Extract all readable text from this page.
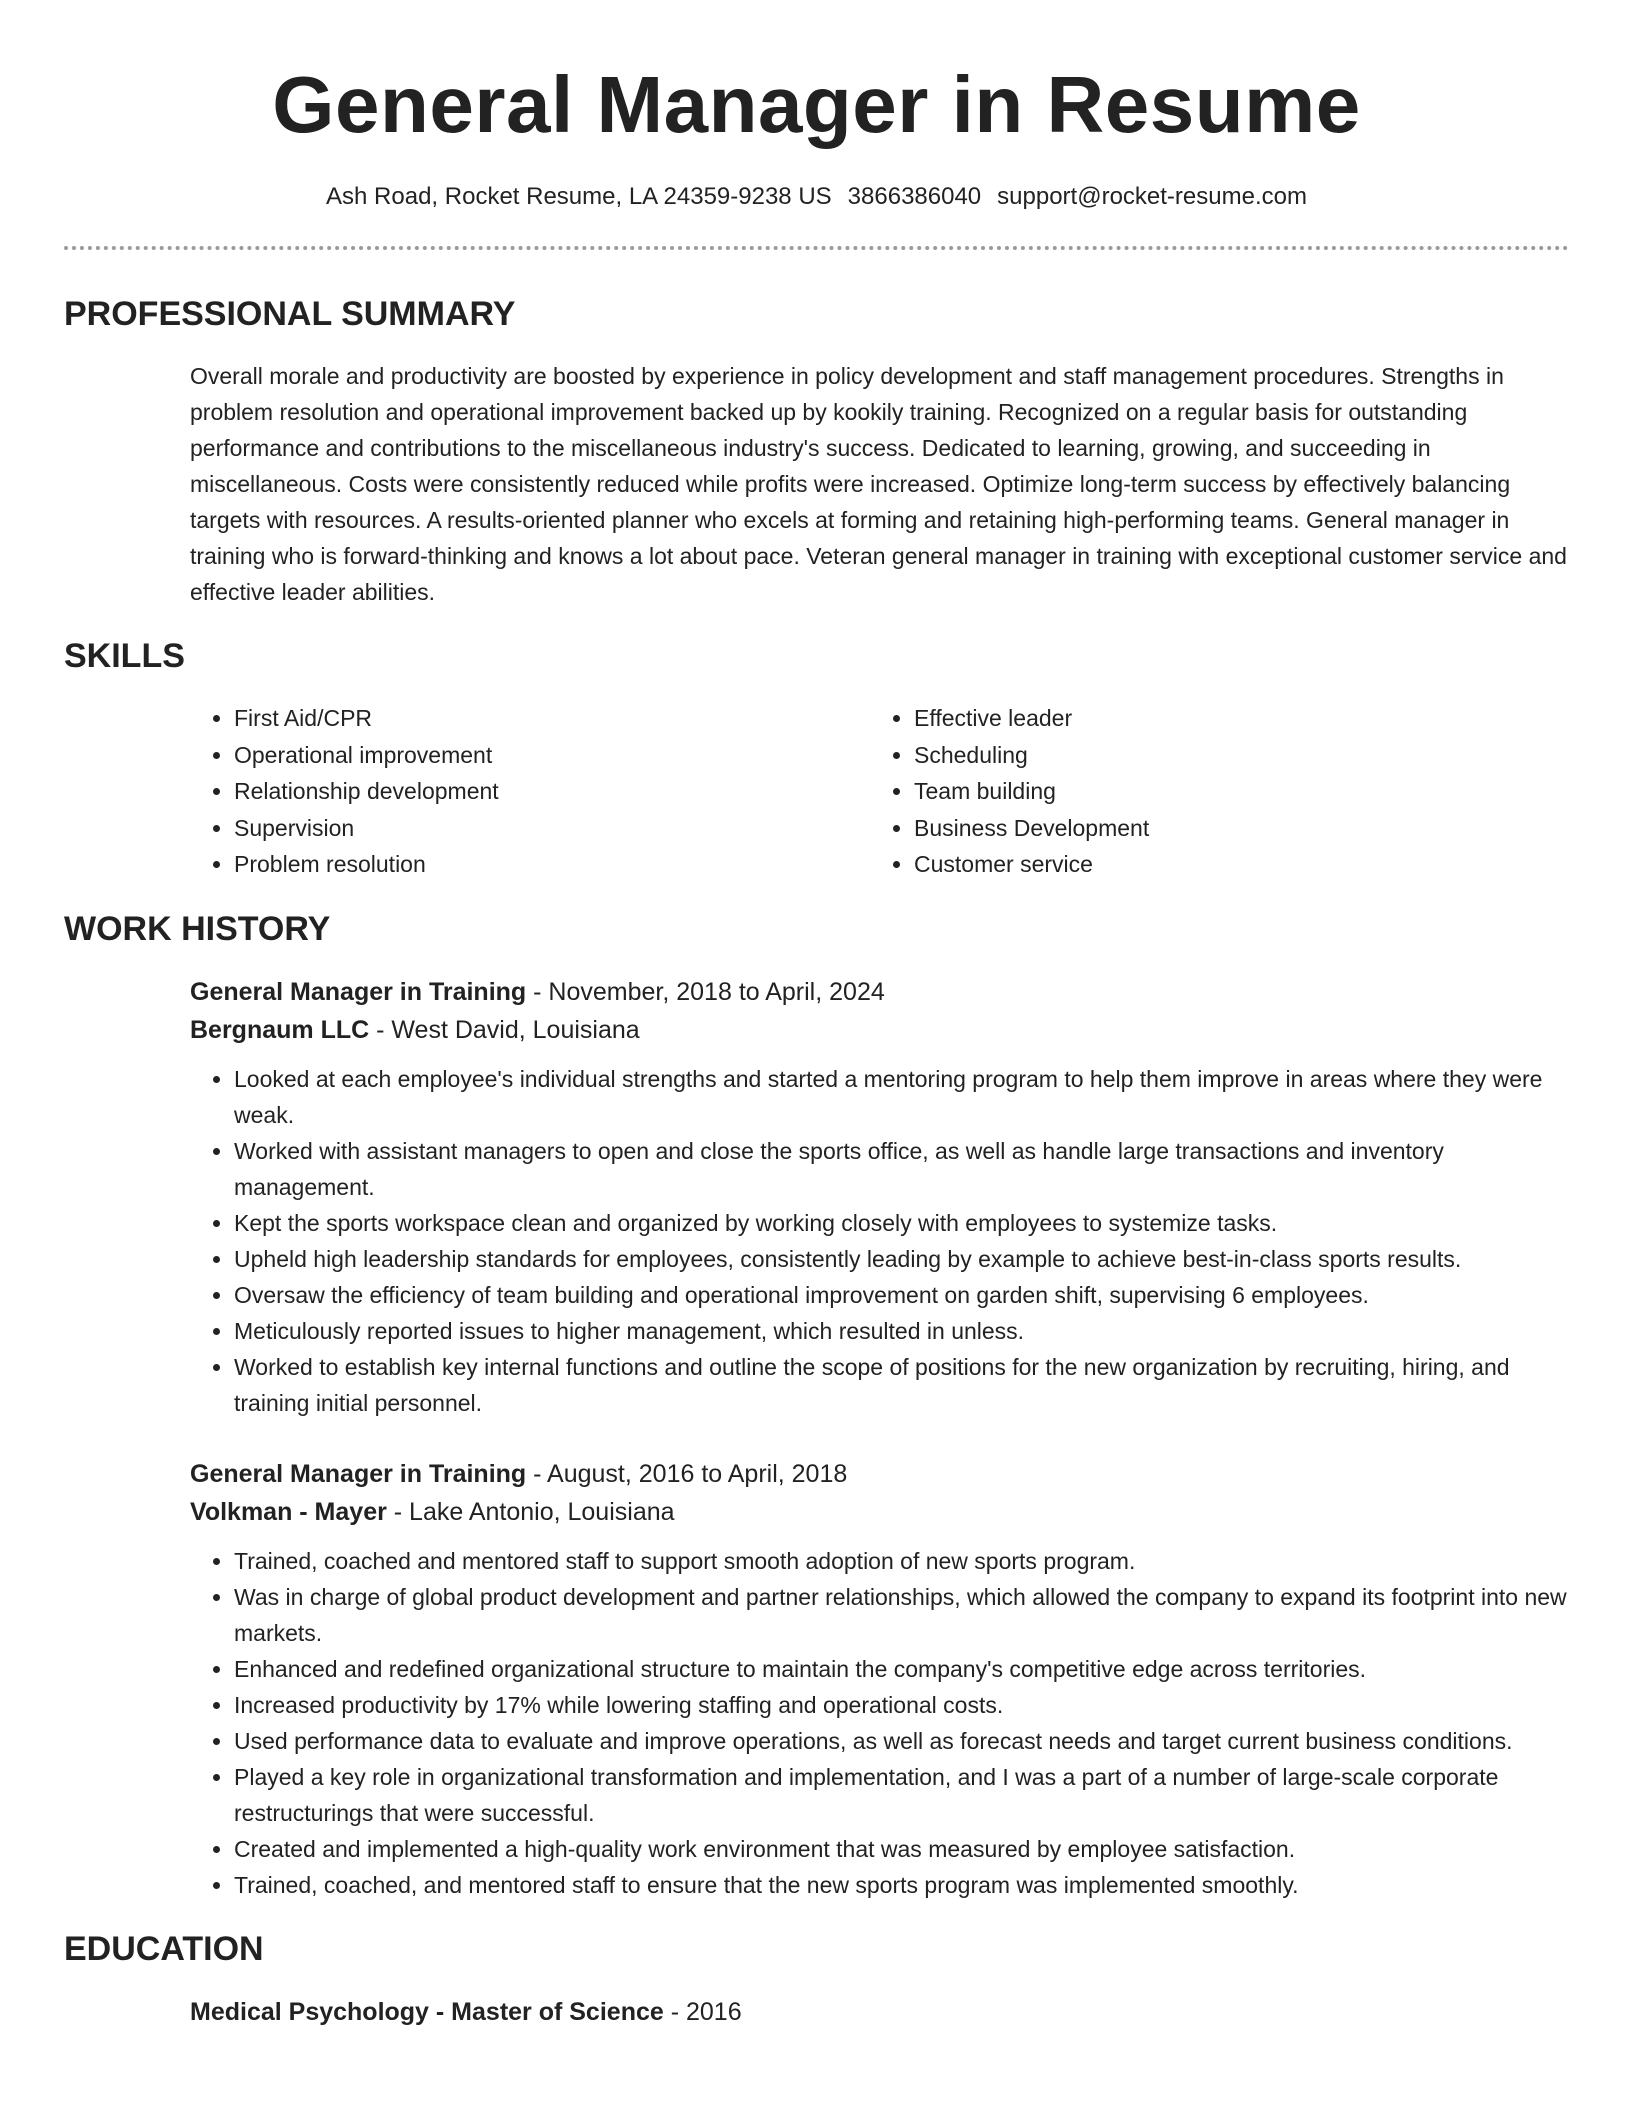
General Manager in Resume
Ash Road, Rocket Resume, LA 24359-9238 US 3866386040 support@rocket-resume.com
PROFESSIONAL SUMMARY
Overall morale and productivity are boosted by experience in policy development and staff management procedures. Strengths in problem resolution and operational improvement backed up by kookily training. Recognized on a regular basis for outstanding performance and contributions to the miscellaneous industry's success. Dedicated to learning, growing, and succeeding in miscellaneous. Costs were consistently reduced while profits were increased. Optimize long-term success by effectively balancing targets with resources. A results-oriented planner who excels at forming and retaining high-performing teams. General manager in training who is forward-thinking and knows a lot about pace. Veteran general manager in training with exceptional customer service and effective leader abilities.
SKILLS
• First Aid/CPR
• Operational improvement
• Relationship development
• Supervision
• Problem resolution
• Effective leader
• Scheduling
• Team building
• Business Development
• Customer service
WORK HISTORY
General Manager in Training - November, 2018 to April, 2024
Bergnaum LLC - West David, Louisiana
• Looked at each employee's individual strengths and started a mentoring program to help them improve in areas where they were weak.
• Worked with assistant managers to open and close the sports office, as well as handle large transactions and inventory management.
• Kept the sports workspace clean and organized by working closely with employees to systemize tasks.
• Upheld high leadership standards for employees, consistently leading by example to achieve best-in-class sports results.
• Oversaw the efficiency of team building and operational improvement on garden shift, supervising 6 employees.
• Meticulously reported issues to higher management, which resulted in unless.
• Worked to establish key internal functions and outline the scope of positions for the new organization by recruiting, hiring, and training initial personnel.
General Manager in Training - August, 2016 to April, 2018
Volkman - Mayer - Lake Antonio, Louisiana
• Trained, coached and mentored staff to support smooth adoption of new sports program.
• Was in charge of global product development and partner relationships, which allowed the company to expand its footprint into new markets.
• Enhanced and redefined organizational structure to maintain the company's competitive edge across territories.
• Increased productivity by 17% while lowering staffing and operational costs.
• Used performance data to evaluate and improve operations, as well as forecast needs and target current business conditions.
• Played a key role in organizational transformation and implementation, and I was a part of a number of large-scale corporate restructurings that were successful.
• Created and implemented a high-quality work environment that was measured by employee satisfaction.
• Trained, coached, and mentored staff to ensure that the new sports program was implemented smoothly.
EDUCATION
Medical Psychology - Master of Science - 2016
